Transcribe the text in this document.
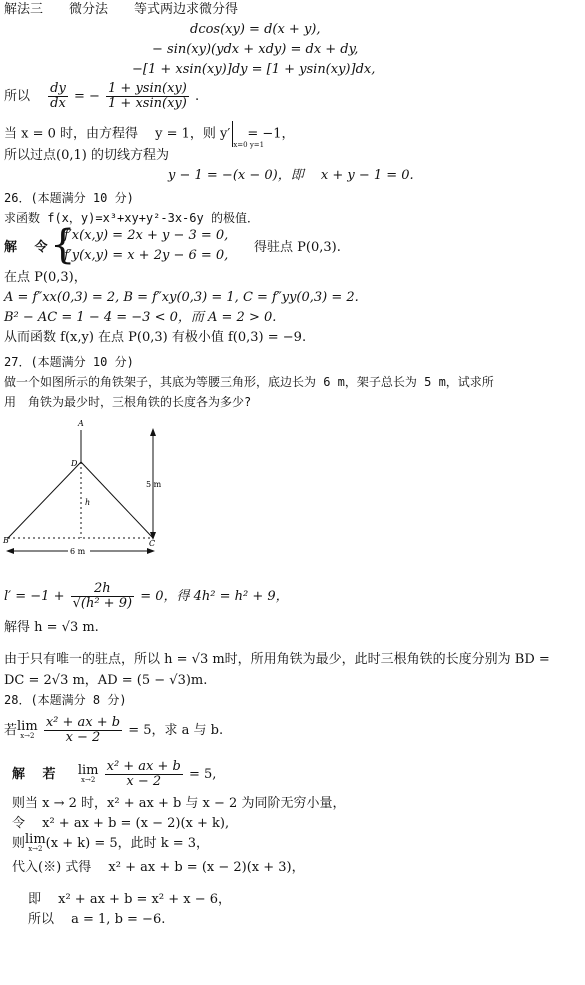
解法三　　微分法　　等式两边求微分得
dcos(xy) = d(x + y),
− sin(xy)(ydx + xdy) = dx + dy,
−[1 + xsin(xy)]dy = [1 + ysin(xy)]dx,
所以 $\frac{dy}{dx}$ = − $\frac{1 + ysin(xy)}{1 + xsin(xy)}$ .
当 x = 0 时，由方程得　 y = 1，则 y′x=0 y=1= −1，
所以过点(0,1) 的切线方程为
y − 1 = −(x − 0)，即　 x + y − 1 = 0.
26．(本题满分 10 分)
求函数 f(x，y)=x³+xy+y²-3x-6y 的极值．
解　 令 {
f′x(x,y) = 2x + y − 3 = 0,
f′y(x,y) = x + 2y − 6 = 0,
得驻点 P(0,3).
在点 P(0,3)，
A = f″xx(0,3) = 2, B = f″xy(0,3) = 1, C = f″yy(0,3) = 2.
B² − AC = 1 − 4 = −3 < 0，而 A = 2 > 0.
从而函数 f(x,y) 在点 P(0,3) 有极小值 f(0,3) = −9.
27．(本题满分 10 分)
做一个如图所示的角铁架子，其底为等腰三角形，底边长为 6 m，架子总长为 5 m，试求所
用　角铁为最少时，三根角铁的长度各为多少?
A
D
h
B	C
5 m
6 m
$l' = -1 + \frac{2h}{\text{√(h² + 9)}} = 0$，得 4h² = h² + 9，
解得 h = √3 m.
由于只有唯一的驻点，所以 h = √3 m时，所用角铁为最少，此时三根角铁的长度分别为 BD =
DC = 2√3 m，AD = (5 − √3)m.
28．(本题满分 8 分)
若lim
x→2
$\frac{\text{x² + ax + b}}{x - 2} = 5$，求 a 与 b.
解　 若 lim
x→2
$\frac{\text{x² + ax + b}}{x - 2} = 5$,
则当 x → 2 时，x² + ax + b 与 x − 2 为同阶无穷小量，
令　 x² + ax + b = (x − 2)(x + k),
则lim
x→2 (x + k) = 5，此时 k = 3，
代入(※) 式得　 x² + ax + b = (x − 2)(x + 3)，
即　 x² + ax + b = x² + x − 6，
所以　 a = 1, b = −6.
